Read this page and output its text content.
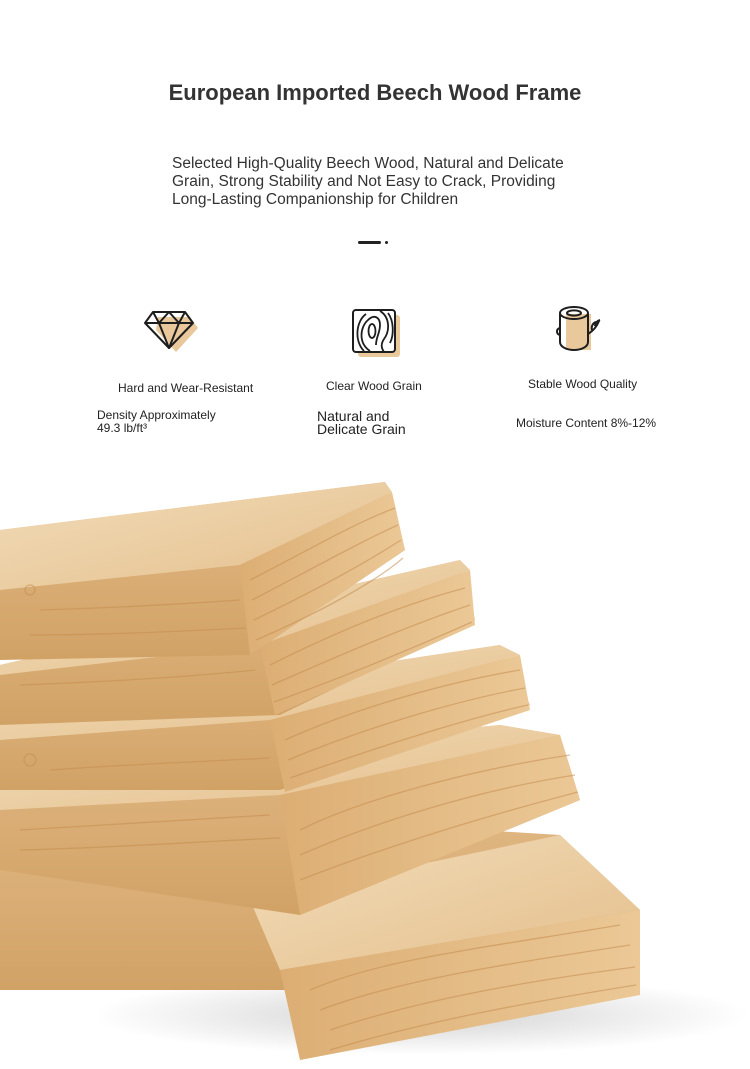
European Imported Beech Wood Frame

Selected High-Quality Beech Wood, Natural and Delicate Grain, Strong Stability and Not Easy to Crack, Providing Long-Lasting Companionship for Children

Hard and Wear-Resistant

Density Approximately 49.3 lb/ft³

Clear Wood Grain

Natural and Delicate Grain

Stable Wood Quality

Moisture Content 8%-12%
